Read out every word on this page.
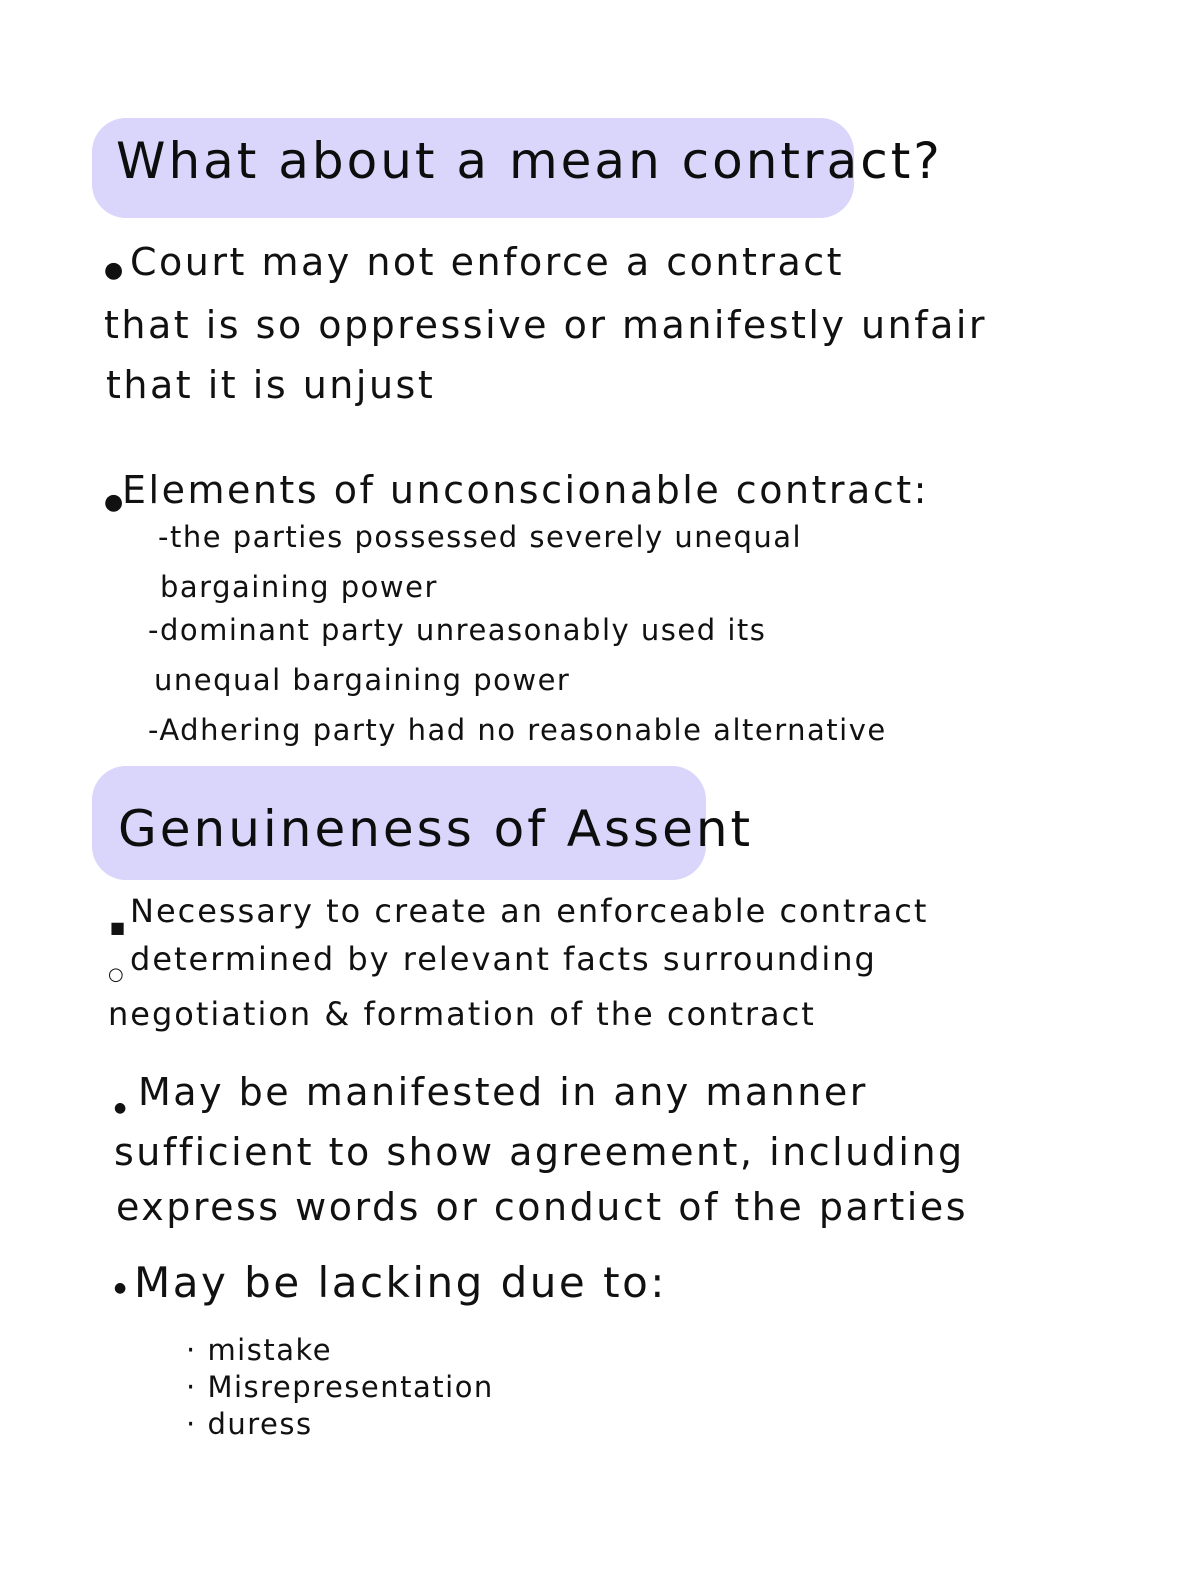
What about a mean contract?
● Court may not enforce a contract
that is so oppressive or manifestly unfair
that it is unjust
●
Elements of unconscionable contract:
-the parties possessed severely unequal
bargaining power
-dominant party unreasonably used its
unequal bargaining power
-Adhering party had no reasonable alternative
Genuineness of Assent
■ Necessary to create an enforceable contract
○ determined by relevant facts surrounding
negotiation & formation of the contract
● May be manifested in any manner
sufficient to show agreement, including
express words or conduct of the parties
● May be lacking due to:
· mistake
· Misrepresentation
· duress
